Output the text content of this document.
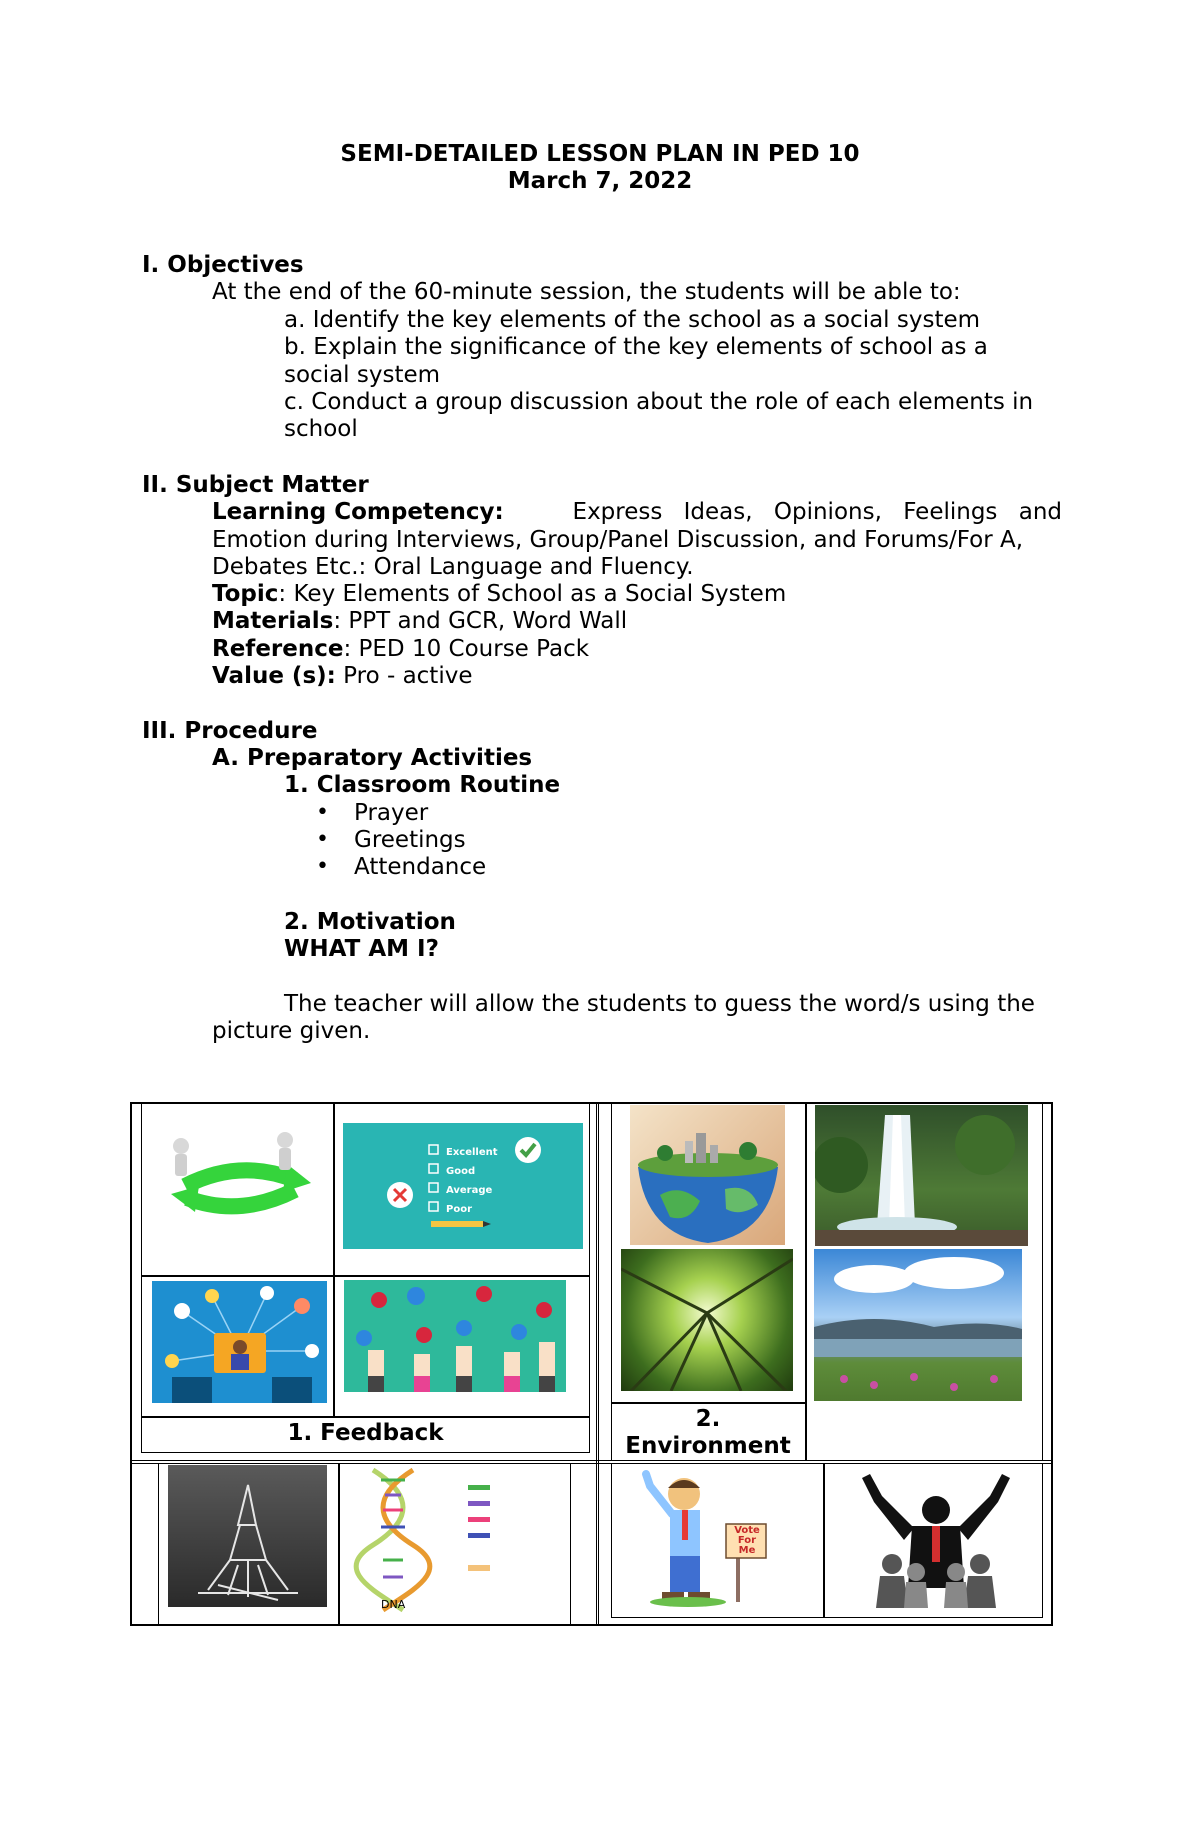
SEMI-DETAILED LESSON PLAN IN PED 10
March 7, 2022
I. Objectives
At the end of the 60-minute session, the students will be able to:
a. Identify the key elements of the school as a social system
b. Explain the significance of the key elements of school as a
social system
c. Conduct a group discussion about the role of each elements in
school
II. Subject Matter
Learning Competency:	Express Ideas, Opinions, Feelings and
Emotion during Interviews, Group/Panel Discussion, and Forums/For A,
Debates Etc.: Oral Language and Fluency.
Topic: Key Elements of School as a Social System
Materials: PPT and GCR, Word Wall
Reference: PED 10 Course Pack
Value (s): Pro - active
III. Procedure
A. Preparatory Activities
1. Classroom Routine
• Prayer
• Greetings
• Attendance
2. Motivation
WHAT AM I?
The teacher will allow the students to guess the word/s using the
picture given.
1. Feedback
Excellent
Good
Average
Poor
2.
Environment
DNA
Vote
For
Me
